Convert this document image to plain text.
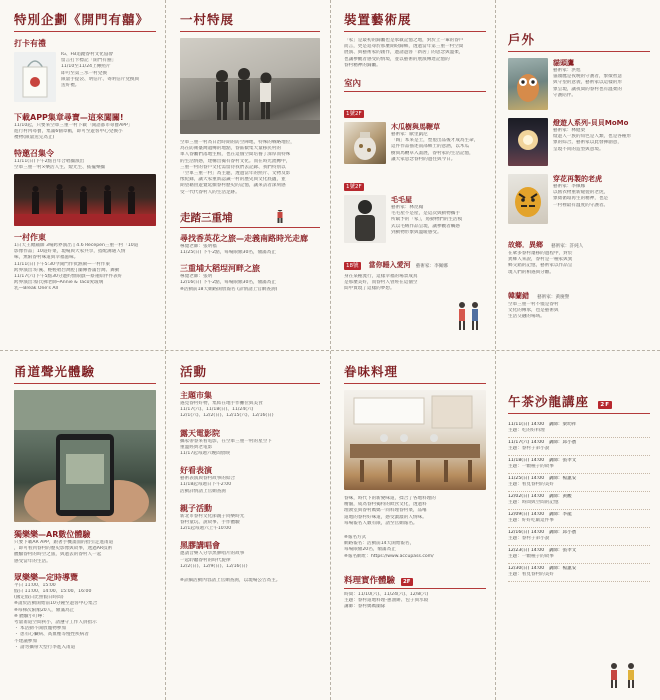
特別企劃《開門有囍》
打卡有禮
IG、FB追蹤眷村文化協會
留言打卡標記「開門有囍」
11/10至11/24上傳照片
即可至第三水一村兌換
限量手提袋、明信片、寄明信片兌換與
送好禮。
下載APP集章尋寶—這來闖關!
11/10起，只要來空軍三重一村下載「開語都市尋寶APP」
進行村內尋寶，集滿6個章戳，即可至遊客中心兌換小
禮物(限量送完為止)
特邀召集令
11/11(日)下午2點百年合唱團演出
空軍三重一村×樂活人生、燈光生、搖擺樂團
一村作東
1日天王總鋪師 3場跨界演出 | 4.6 Recepen三重一村「10道
影像作品」10道好菜，現場與大家共享，搭配溝通人情
味，無限眷村味道與幸福滋味。
11/11(日)下午5:30今開門作伙熱鬧—一村作東
跨界演出:好溪、輕輕唱台灣腔│團傳香滿台灣、舞動
11/17(六)下午5點30分邀約無限戲—蔡蓮紹伴件表好
跨界演出:蔡氏佛老師─Annie & Taco愛玻璃
乳—Break One's All
一村特展
空軍三重一村為日治時期的防空陣地，特殊的戰略地位，
為在防衛臺灣遺傳的地點，眷區數集大量移民村的
軍人眷屬們落地生根，也在這個空間培養了深厚而特殊
的生活情感，建構出獨有眷村文化。而在時光流轉中，
三重一村的眷戶文化需留待我們去記錄、我們特別以
「空軍三重一村」為主題，透過當年的照片、文物及影
像紀錄，讓大家重新認識一村的歷史與文化底蘊，並
期望藉由遊覽延續眷村歷史的記憶，讓來訪者深刻感
受一代代眷村人的生活足跡。
走踏三重埔
尋找香英花之旅—走義南路時光走廊
導覽老師：張明福
11/25(日) 下午2點，每場限額30名，額滿為止
三重埔大稻埕河畔之旅
導覽老師：張明
12/16(日) 下午2點，每場限額30名，額滿為止
※活動前18天網路開放報名 (詳情請上官網查詢)
裝置藝術展
「家」是最初的歸屬也是承載記憶之地，對於上一輩的眷戶
而言，更是追尋於那麼期盼歸鄉，透過當年第三重一村空間
展演、與藝術家的創作，邀請遊客「新居」的思念與溫柔，
也讓參觀者感受的情境，並以藝術的展演傳達記憶的
眷村精神的歸屬。
室內
1號2F
木瓜樹與馬鞭草
藝術家：歐里凱尼
「陶」本來是土，塑製出品後才成為生命，
這件作品描述南部鄉土的意涵，以木瓜
樹與馬鞭草入畫展，眷村家的生活記憶，
讓大家思念眷村的過往與今日。
1號2F
毛毛屋
藝術家：林昆翰
毛毛屋不是屋，是這次與動物攜手
所賦予的「家」，將動物們的生活模
式以毛絨作品呈現，讓參觀者觸感
到動物形象與溫暖感受。
18號 當你睡入愛河 藝術家：李佩娜
身在某種流行，這樣幸福的場景成真
是那麼美好，而眷村人曾經在這個空
間中實現了這樣的夢想。
戶外
貓頭鷹
藝術家：洪旭
貓頭鷹是夜晚的守護者，象徵智慧
與守望的意義，藝術家以這樣的形
象呈現，讓夜間的眷村也有溫柔的
守護陪伴。
燈遊人系列-貝貝MoMo
藝術家：林健榮
燈遊人一族的角色是人類，也是各種形
象的綜合，藝術家以此發揮創意，
呈現不同的造型與意境。
穿花再製的老虎
藝術家：李佩娜
以舊衣物重新縫製的老虎，
象徵循環再生的精神，也是
一村裡最有溫度的守護者。
故鄉．異鄉 藝術家：許純人
在眾多眷村遷移的過程中，對於
異鄉人來說，眷村是一種家與異
鄉交錯的記憶，藝術家以作品呈
現人們的相遇與分離。
韓蘭錯 藝術家：黃慶譽
空軍三重一村不僅是眷村
文化的傳承，也是藝術與
生活交融的場域。
甬道聲光體驗
獨樂樂—AR數位體驗
只要下載AR APP，跟著手機畫面的指引走進甬道
，即可看到眷村的歷史影像與故事，透過AR技術
體驗眷村的時空之旅，與過去的眷村人一起
感受當年的生活。
眾樂樂—定時導覽
平日 11:00、15:00
假日 11:00、14:00、15:00、16:00
(國定假日比照假日時間)
※請於活動開始前10分鐘至遊客中心集合
※每梯次限額20人，額滿為止
※ 體驗小叮嚀：
考量甬道空間狹小，請遵守工作人員指示
・ 本活動不開放寵物參加
・ 患有心臟病、高血壓等慢性疾病者
不建議參加
・ 請勿攜帶大型行李進入甬道
活動
主題市集
遇見眷村好物，集結在地手作攤位與美食
11/17(六)、11/18(日)、11/24(六)
12/1(六)、12/2(日)、12/15(六)、12/16(日)
露天電影院
攜家帶眷來看電影，在空軍三重一村的星空下
重溫經典老電影
11/17起每週六晚間放映
好看表演
藝術表演與眷村故事的結合
11/18起每週日下午2:00
活動詳情請上官網查詢
親子活動
新北市眷村文化節親子同樂時光
眷村童玩、說故事、手作體驗
12/1起每週六上午10:00
黑膠講唱會
邀請音樂人分享黑膠唱片的故事
一起聆聽眷村的時代旋律
12/2(日)、12/9(日)、12/16(日)
※詳細活動內容請上官網查詢，以現場公告為主。
眷味料理
眷味，時代下的新變味道，揉合了各地料理的
精髓，成為眷村獨特的飲食文化，透過料
理教室與眷村媽媽一同料理眷村菜，品嚐
道地的眷村好味道，感受濃濃的人情味。
每場報名人數有限，請至官網報名。
※報名方式
網路報名：活動前14天開始報名，
每場限額20名，額滿為止
※報名網址：https://www.accupass.com/
料理實作體驗 2F
時間：11/10(六)、11/24(六)、12/8(六)
主題：眷村道地料理-蔥油餅、包子與水餃
講師：眷村媽媽團隊
午茶沙龍講座 2F
11/11(日) 14:00　 講師：梁幼祥
主題：吃的好料理
11/17(六) 14:00　 講師：邱小寶
主題：眷村子弟小說
11/18(日) 14:00　 講師：張孝文
主題：一顆種子的故事
11/25(日) 14:00　 講師：楊蕙安
主題：看見眷村的美好
12/02(日) 14:00　 講師：黃觀
主題：時間與空間的記憶
12/09(日) 14:00　 講師：李龍
主題：好好吃飯這件事
12/16(日) 14:00　 講師：邱小寶
主題：眷村子弟小說
12/23(日) 14:00　 講師：張孝文
主題：一顆種子的故事
12/30(日) 14:00　 講師：楊蕙安
主題：看見眷村的美好
